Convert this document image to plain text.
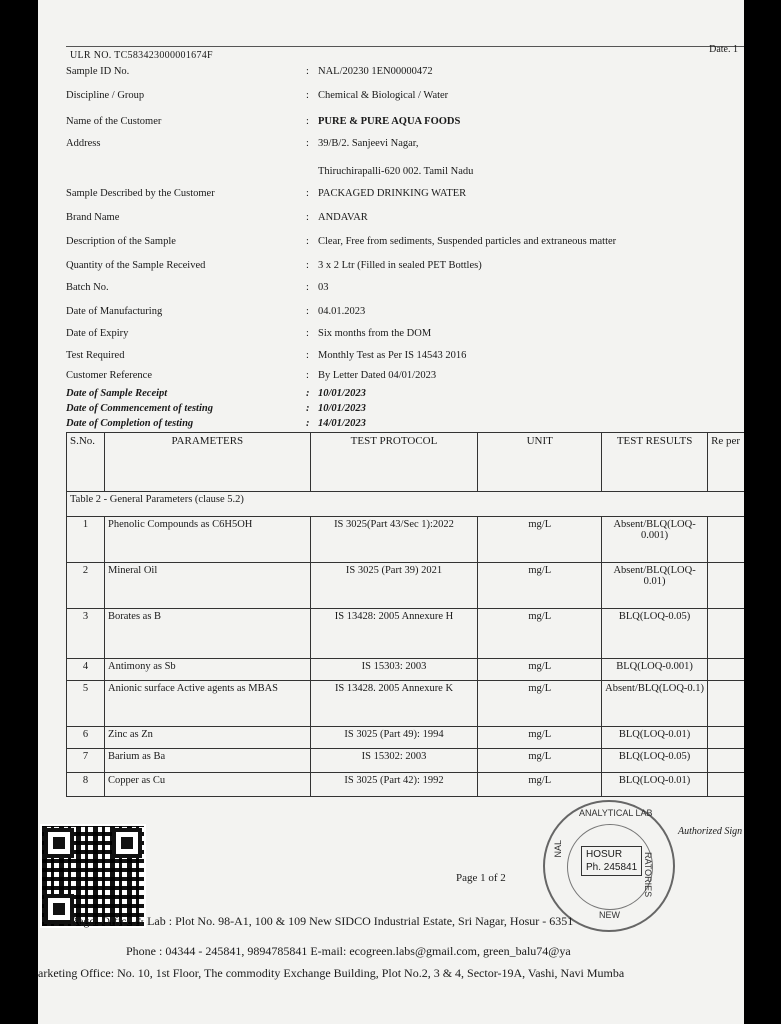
ULR NO. TC583423000001674F
Date. 1
Sample ID No.	: NAL/20230 1EN00000472
Discipline / Group	: Chemical & Biological / Water
Name of the Customer	: PURE & PURE AQUA FOODS
Address	: 39/B/2. Sanjeevi Nagar,
Thiruchirapalli-620 002. Tamil Nadu
Sample Described by the Customer	: PACKAGED DRINKING WATER
Brand Name	: ANDAVAR
Description of the Sample	: Clear, Free from sediments, Suspended particles and extraneous matter
Quantity of the Sample Received	: 3 x 2 Ltr (Filled in sealed PET Bottles)
Batch No.	: 03
Date of Manufacturing	: 04.01.2023
Date of Expiry	: Six months from the DOM
Test Required	: Monthly Test as Per IS 14543 2016
Customer Reference	: By Letter Dated 04/01/2023
Date of Sample Receipt	: 10/01/2023
Date of Commencement of testing	: 10/01/2023
Date of Completion of testing	: 14/01/2023
S.No.	PARAMETERS	TEST PROTOCOL	UNIT	TEST RESULTS	Re per
Table 2 - General Parameters (clause 5.2)					
1	Phenolic Compounds as C6H5OH	IS 3025(Part 43/Sec 1):2022	mg/L	Absent/BLQ(LOQ-0.001)	
2	Mineral Oil	IS 3025 (Part 39) 2021	mg/L	Absent/BLQ(LOQ-0.01)	
3	Borates as B	IS 13428: 2005 Annexure H	mg/L	BLQ(LOQ-0.05)	
4	Antimony as Sb	IS 15303: 2003	mg/L	BLQ(LOQ-0.001)	
5	Anionic surface Active agents as MBAS	IS 13428. 2005 Annexure K	mg/L	Absent/BLQ(LOQ-0.1)	
6	Zinc as Zn	IS 3025 (Part 49): 1994	mg/L	BLQ(LOQ-0.01)	
7	Barium as Ba	IS 15302: 2003	mg/L	BLQ(LOQ-0.05)	
8	Copper as Cu	IS 3025 (Part 42): 1992	mg/L	BLQ(LOQ-0.01)	
ANALYTICAL LAB
RATORIES
NAL
NEW
HOSUR
Ph. 245841
Authorized Sign
Page 1 of 2
Regd. Office & Lab : Plot No. 98-A1, 100 & 109 New SIDCO Industrial Estate, Sri Nagar, Hosur - 6351
Phone : 04344 - 245841, 9894785841 E-mail: ecogreen.labs@gmail.com, green_balu74@ya
arketing Office: No. 10, 1st Floor, The commodity Exchange Building, Plot No.2, 3 & 4, Sector-19A, Vashi, Navi Mumba
